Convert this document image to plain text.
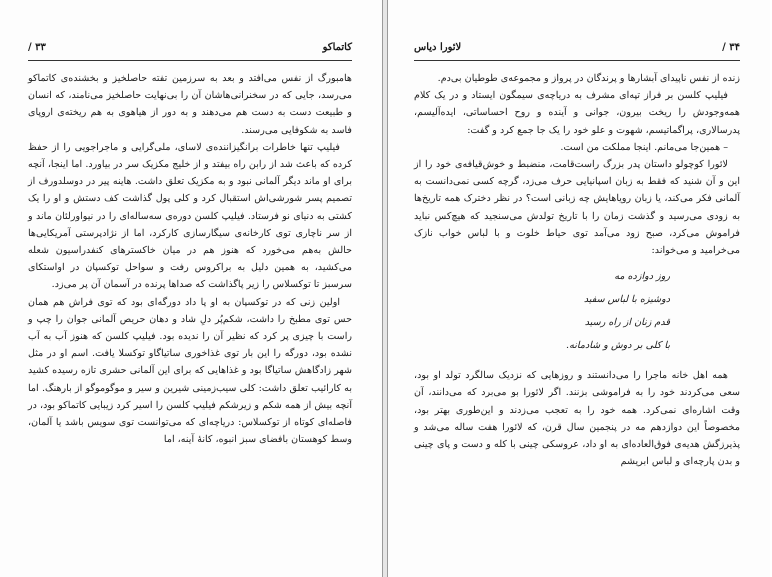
کاتماکو
۳۳ /

هامبورگ از نفس می‌افتد و بعد به سرزمین تفته حاصلخیز و بخشنده‌ی کاتماکو می‌رسد، جایی که در سخنرانی‌هاشان آن را بی‌نهایت حاصلخیز می‌نامند، که انسان و طبیعت دست به دست هم می‌دهند و به دور از هیاهوی به هم ریخته‌ی اروپای فاسد به شکوفایی می‌رسند.

فیلیپ تنها خاطرات برانگیزاننده‌ی لاسای، ملی‌گرایی و ماجراجویی را از حفظ کرده که باعث شد از رابن راه بیفتد و از خلیج مکزیک سر در بیاورد. اما اینجا، آنچه برای او ماند دیگر آلمانی نبود و به مکزیک تعلق داشت. هاینه پیر در دوسلدورف از تصمیم پسر شورشی‌اش استقبال کرد و کلی پول گذاشت کف دستش و او را یک کشتی به دنیای نو فرستاد. فیلیپ کلسن دوره‌ی سه‌ساله‌ای را در نیواورلئان ماند و از سر ناچاری توی کارخانه‌ی سیگارسازی کارکرد، اما از نژادپرستی آمریکایی‌ها حالش به‌هم می‌خورد که هنوز هم در میان خاکسترهای کنفدراسیون شعله می‌کشید، به همین دلیل به براکروس رفت و سواحل توکسپان در اواستکای سرسبز تا توکسلاس را زیر پاگذاشت که صداها پرنده در آسمان آن پر می‌زد.

اولین زنی که در توکسپان به او پا داد دورگه‌ای بود که توی فراش هم همان حس توی مطبخ را داشت، شکم‌پُر دلِ شاد و دهان حریص آلمانی جوان را چپ و راست با چیزی پر کرد که نظیر آن را ندیده بود. فیلیپ کلسن که هنوز آب به آب نشده بود، دورگه را این بار توی غذاخوری ساتیاگاو توکسلا یافت. اسم او در مثل شهر زادگاهش ساتیاگا بود و غذاهایی که برای این آلمانی حشری تازه رسیده کشید به کارائیب تعلق داشت: کلی سیب‌زمینی شیرین و سیر و موگوموگو از بارهنگ. اما آنچه بیش از همه شکم و زیرشکم فیلیپ کلسن را اسیر کرد زیبایی کاتماکو بود، در فاصله‌ای کوتاه از توکسلاس: دریاچه‌ای که می‌توانست توی سویس باشد یا آلمان، وسط کوهستان بافضای سبز انبوه، کانهٔ آینه، اما

۳۴ /
لائورا دیاس

زنده از نفس ناپیدای آبشارها و پرندگان در پرواز و مجموعه‌ی طوطیان بی‌دم.

فیلیپ کلسن بر فراز تپه‌ای مشرف به دریاچه‌ی سیمگون ایستاد و در یک کلام همه‌وجودش را ریخت بیرون، جوانی و آینده و روح احساساتی، ایده‌آلیسم، پدرسالاری، پراگماتیسم، شهوت و علو خود را یک جا جمع کرد و گفت:

– همین‌جا می‌مانم. اینجا مملکت من است.

لائورا کوچولو داستان پدر بزرگ راست‌قامت، منضبط و خوش‌قیافه‌ی خود را از این و آن شنید که فقط به زبان اسپانیایی حرف می‌زد، گرچه کسی نمی‌دانست به آلمانی فکر می‌کند، یا زبان رویاهایش چه زبانی است؟ در نظر دخترک همه تاریخ‌ها به زودی می‌رسید و گذشت زمان را با تاریخ تولدش می‌سنجید که هیچ‌کس نباید فراموش می‌کرد، صبح زود می‌آمد توی حیاط خلوت و با لباس خواب نازک می‌خرامید و می‌خواند:

روز دوازده مه
دوشیزه با لباس سفید
قدم زنان از راه رسید
با کلی بر دوش و شادمانه.

همه اهل خانه ماجرا را می‌دانستند و روزهایی که نزدیک سالگرد تولد او بود، سعی می‌کردند خود را به فراموشی بزنند. اگر لائورا بو می‌برد که می‌دانند، آن وقت اشاره‌ای نمی‌کرد. همه خود را به تعجب می‌زدند و این‌طوری بهتر بود، مخصوصاً این دوازدهم مه در پنجمین سال قرن، که لائورا هفت ساله می‌شد و پذیرزگش هدیه‌ی فوق‌العاده‌ای به او داد، عروسکی چینی با کله و دست و پای چینی و بدن پارچه‌ای و لباس ابریشم
